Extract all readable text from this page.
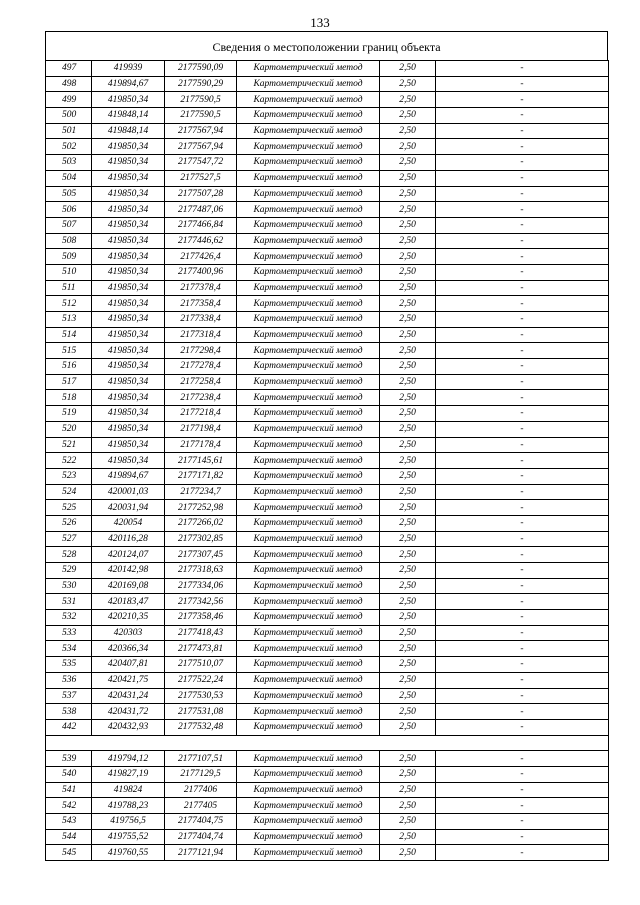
133
Сведения о местоположении границ объекта
497	419939	2177590,09	Картометрический метод	2,50	-
498	419894,67	2177590,29	Картометрический метод	2,50	-
499	419850,34	2177590,5	Картометрический метод	2,50	-
500	419848,14	2177590,5	Картометрический метод	2,50	-
501	419848,14	2177567,94	Картометрический метод	2,50	-
502	419850,34	2177567,94	Картометрический метод	2,50	-
503	419850,34	2177547,72	Картометрический метод	2,50	-
504	419850,34	2177527,5	Картометрический метод	2,50	-
505	419850,34	2177507,28	Картометрический метод	2,50	-
506	419850,34	2177487,06	Картометрический метод	2,50	-
507	419850,34	2177466,84	Картометрический метод	2,50	-
508	419850,34	2177446,62	Картометрический метод	2,50	-
509	419850,34	2177426,4	Картометрический метод	2,50	-
510	419850,34	2177400,96	Картометрический метод	2,50	-
511	419850,34	2177378,4	Картометрический метод	2,50	-
512	419850,34	2177358,4	Картометрический метод	2,50	-
513	419850,34	2177338,4	Картометрический метод	2,50	-
514	419850,34	2177318,4	Картометрический метод	2,50	-
515	419850,34	2177298,4	Картометрический метод	2,50	-
516	419850,34	2177278,4	Картометрический метод	2,50	-
517	419850,34	2177258,4	Картометрический метод	2,50	-
518	419850,34	2177238,4	Картометрический метод	2,50	-
519	419850,34	2177218,4	Картометрический метод	2,50	-
520	419850,34	2177198,4	Картометрический метод	2,50	-
521	419850,34	2177178,4	Картометрический метод	2,50	-
522	419850,34	2177145,61	Картометрический метод	2,50	-
523	419894,67	2177171,82	Картометрический метод	2,50	-
524	420001,03	2177234,7	Картометрический метод	2,50	-
525	420031,94	2177252,98	Картометрический метод	2,50	-
526	420054	2177266,02	Картометрический метод	2,50	-
527	420116,28	2177302,85	Картометрический метод	2,50	-
528	420124,07	2177307,45	Картометрический метод	2,50	-
529	420142,98	2177318,63	Картометрический метод	2,50	-
530	420169,08	2177334,06	Картометрический метод	2,50	-
531	420183,47	2177342,56	Картометрический метод	2,50	-
532	420210,35	2177358,46	Картометрический метод	2,50	-
533	420303	2177418,43	Картометрический метод	2,50	-
534	420366,34	2177473,81	Картометрический метод	2,50	-
535	420407,81	2177510,07	Картометрический метод	2,50	-
536	420421,75	2177522,24	Картометрический метод	2,50	-
537	420431,24	2177530,53	Картометрический метод	2,50	-
538	420431,72	2177531,08	Картометрический метод	2,50	-
442	420432,93	2177532,48	Картометрический метод	2,50	-

539	419794,12	2177107,51	Картометрический метод	2,50	-
540	419827,19	2177129,5	Картометрический метод	2,50	-
541	419824	2177406	Картометрический метод	2,50	-
542	419788,23	2177405	Картометрический метод	2,50	-
543	419756,5	2177404,75	Картометрический метод	2,50	-
544	419755,52	2177404,74	Картометрический метод	2,50	-
545	419760,55	2177121,94	Картометрический метод	2,50	-
